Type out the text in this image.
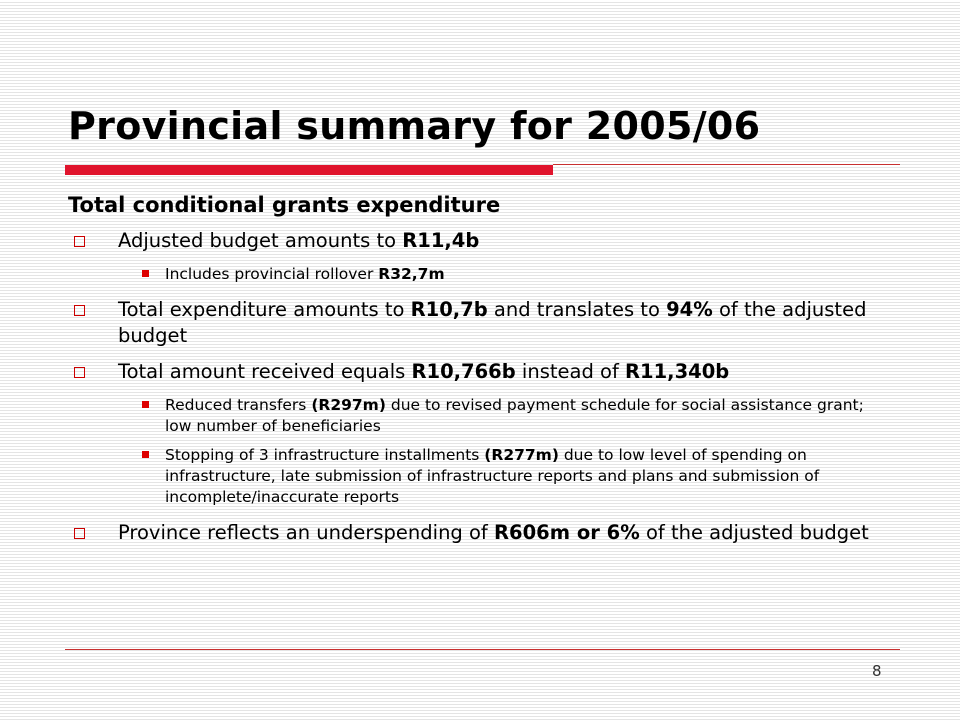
Provincial summary for 2005/06
Total conditional grants expenditure
Adjusted budget amounts to R11,4b
Includes provincial rollover R32,7m
Total expenditure amounts to R10,7b and translates to 94% of the adjusted budget
Total amount received equals R10,766b instead of R11,340b
Reduced transfers (R297m) due to revised payment schedule for social assistance grant; low number of beneficiaries
Stopping of 3 infrastructure installments (R277m) due to low level of spending on infrastructure, late submission of infrastructure reports and plans and submission of incomplete/inaccurate reports
Province reflects an underspending of R606m or 6% of the adjusted budget

8
